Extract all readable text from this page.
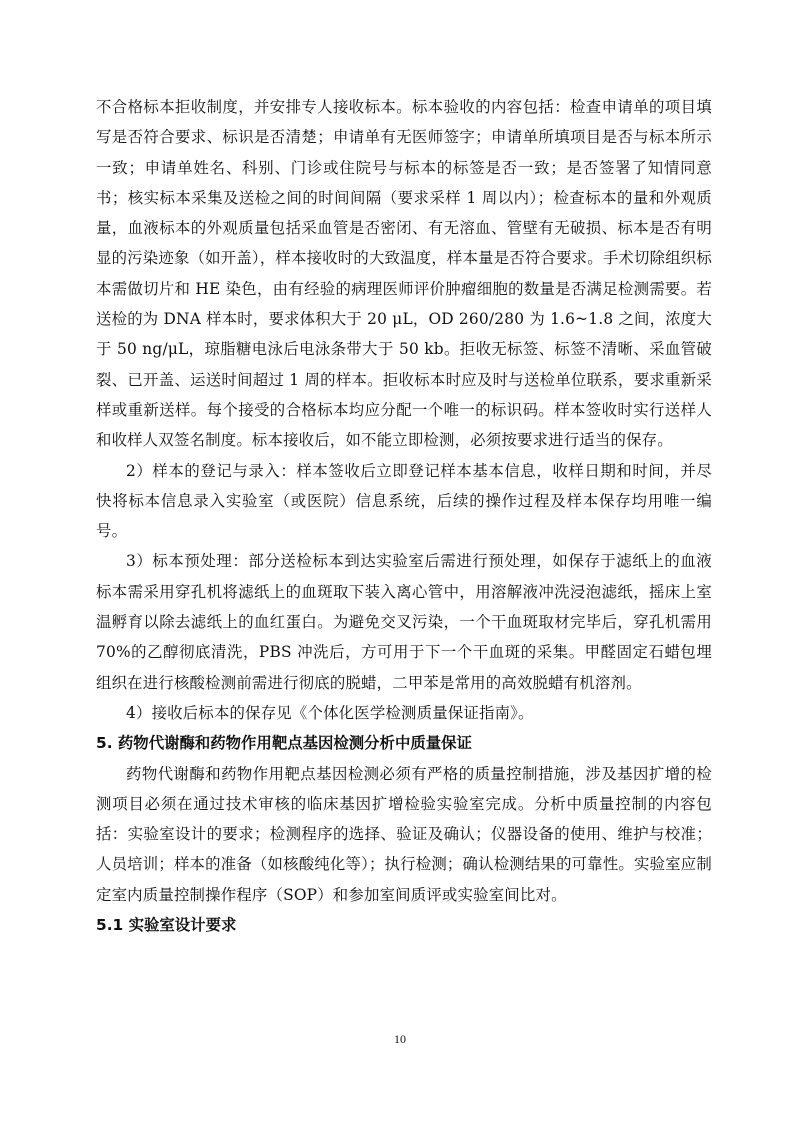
不合格标本拒收制度，并安排专人接收标本。标本验收的内容包括：检查申请单的项目填写是否符合要求、标识是否清楚；申请单有无医师签字；申请单所填项目是否与标本所示一致；申请单姓名、科别、门诊或住院号与标本的标签是否一致；是否签署了知情同意书；核实标本采集及送检之间的时间间隔（要求采样 1 周以内）；检查标本的量和外观质量，血液标本的外观质量包括采血管是否密闭、有无溶血、管壁有无破损、标本是否有明显的污染迹象（如开盖），样本接收时的大致温度，样本量是否符合要求。手术切除组织标本需做切片和 HE 染色，由有经验的病理医师评价肿瘤细胞的数量是否满足检测需要。若送检的为 DNA 样本时，要求体积大于 20 μL，OD 260/280 为 1.6~1.8 之间，浓度大于 50 ng/μL，琼脂糖电泳后电泳条带大于 50 kb。拒收无标签、标签不清晰、采血管破裂、已开盖、运送时间超过 1 周的样本。拒收标本时应及时与送检单位联系，要求重新采样或重新送样。每个接受的合格标本均应分配一个唯一的标识码。样本签收时实行送样人和收样人双签名制度。标本接收后，如不能立即检测，必须按要求进行适当的保存。

2）样本的登记与录入：样本签收后立即登记样本基本信息，收样日期和时间，并尽快将标本信息录入实验室（或医院）信息系统，后续的操作过程及样本保存均用唯一编号。

3）标本预处理：部分送检标本到达实验室后需进行预处理，如保存于滤纸上的血液标本需采用穿孔机将滤纸上的血斑取下装入离心管中，用溶解液冲洗浸泡滤纸，摇床上室温孵育以除去滤纸上的血红蛋白。为避免交叉污染，一个干血斑取材完毕后，穿孔机需用 70%的乙醇彻底清洗，PBS 冲洗后，方可用于下一个干血斑的采集。甲醛固定石蜡包埋组织在进行核酸检测前需进行彻底的脱蜡，二甲苯是常用的高效脱蜡有机溶剂。

4）接收后标本的保存见《个体化医学检测质量保证指南》。

5. 药物代谢酶和药物作用靶点基因检测分析中质量保证

药物代谢酶和药物作用靶点基因检测必须有严格的质量控制措施，涉及基因扩增的检测项目必须在通过技术审核的临床基因扩增检验实验室完成。分析中质量控制的内容包括：实验室设计的要求；检测程序的选择、验证及确认；仪器设备的使用、维护与校准；人员培训；样本的准备（如核酸纯化等）；执行检测；确认检测结果的可靠性。实验室应制定室内质量控制操作程序（SOP）和参加室间质评或实验室间比对。

5.1 实验室设计要求
10
